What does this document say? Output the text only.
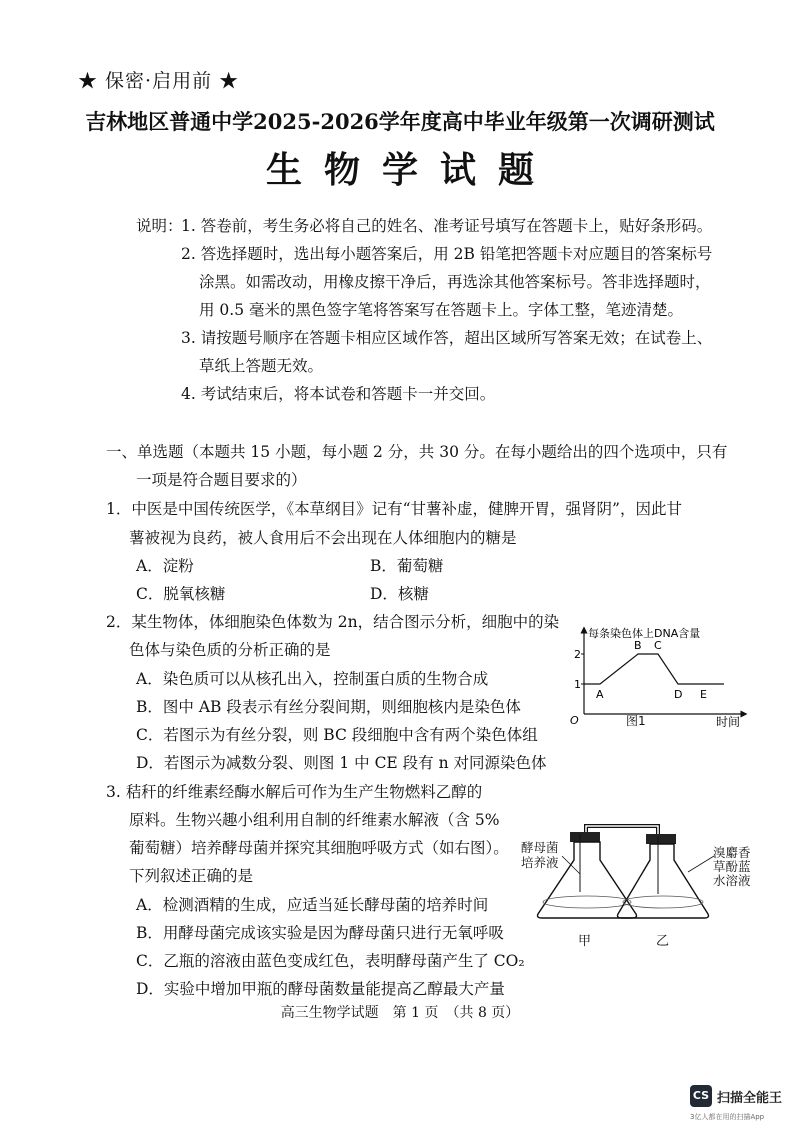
★ 保密·启用前 ★
吉林地区普通中学2025-2026学年度高中毕业年级第一次调研测试
生物学试题
说明：
1. 答卷前，考生务必将自己的姓名、准考证号填写在答题卡上，贴好条形码。
2. 答选择题时，选出每小题答案后，用 2B 铅笔把答题卡对应题目的答案标号
涂黑。如需改动，用橡皮擦干净后，再选涂其他答案标号。答非选择题时，
用 0.5 毫米的黑色签字笔将答案写在答题卡上。字体工整，笔迹清楚。
3. 请按题号顺序在答题卡相应区域作答，超出区域所写答案无效；在试卷上、
草纸上答题无效。
4. 考试结束后，将本试卷和答题卡一并交回。
一、单选题（本题共 15 小题，每小题 2 分，共 30 分。在每小题给出的四个选项中，只有
一项是符合题目要求的）
1．中医是中国传统医学，《本草纲目》记有“甘薯补虚，健脾开胃，强肾阴”，因此甘
薯被视为良药，被人食用后不会出现在人体细胞内的糖是
A．淀粉	B．葡萄糖
C．脱氧核糖	D．核糖
2．某生物体，体细胞染色体数为 2n，结合图示分析，细胞中的染
色体与染色质的分析正确的是
A．染色质可以从核孔出入，控制蛋白质的生物合成
B．图中 AB 段表示有丝分裂间期，则细胞核内是染色体
C．若图示为有丝分裂，则 BC 段细胞中含有两个染色体组
D．若图示为减数分裂、则图 1 中 CE 段有 n 对同源染色体
每条染色体上DNA含量
时间
O
1
2
A
B C
D E
图1
3. 秸秆的纤维素经酶水解后可作为生产生物燃料乙醇的
原料。生物兴趣小组利用自制的纤维素水解液（含 5%
葡萄糖）培养酵母菌并探究其细胞呼吸方式（如右图）。
下列叙述正确的是
A．检测酒精的生成，应适当延长酵母菌的培养时间
B．用酵母菌完成该实验是因为酵母菌只进行无氧呼吸
C．乙瓶的溶液由蓝色变成红色，表明酵母菌产生了 CO₂
D．实验中增加甲瓶的酵母菌数量能提高乙醇最大产量
酵母菌
培养液
溴麝香
草酚蓝
水溶液
甲	乙
高三生物学试题　第 1 页　（共 8 页）
CS 扫描全能王
3亿人都在用的扫描App
